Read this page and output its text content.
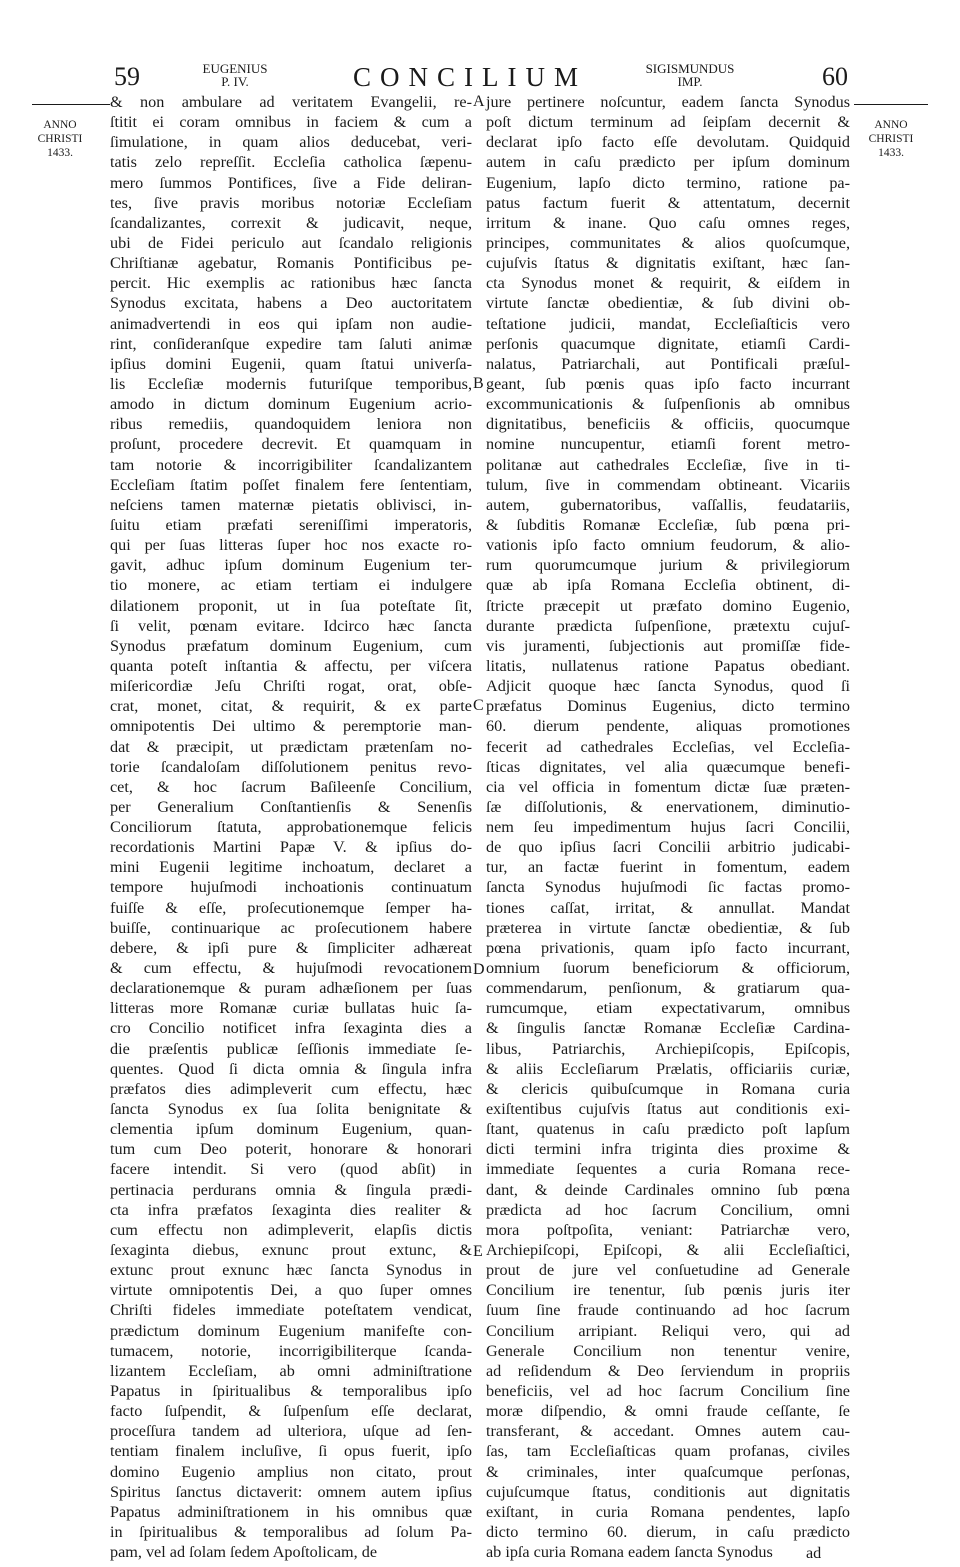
59	60
EUGENIUS
P. IV.	CONCILIUM	SIGISMUNDUS
IMP.
ANNO
CHRISTI
1433.
ANNO
CHRISTI
1433.
& non ambulare ad veritatem Evangelii, re-
ſtitit ei coram omnibus in faciem & cum a
ſimulatione, in quam alios deducebat, veri-
tatis zelo repreſſit. Eccleſia catholica ſæpenu-
mero ſummos Pontifices, ſive a Fide deliran-
tes, ſive pravis moribus notoriæ Eccleſiam
ſcandalizantes, correxit & judicavit, neque,
ubi de Fidei periculo aut ſcandalo religionis
Chriſtianæ agebatur, Romanis Pontificibus pe-
percit. Hic exemplis ac rationibus hæc ſancta
Synodus excitata, habens a Deo auctoritatem
animadvertendi in eos qui ipſam non audie-
rint, conſideranſque expedire tam ſaluti animæ
ipſius domini Eugenii, quam ſtatui univerſa-
lis Eccleſiæ modernis futuriſque temporibus,
amodo in dictum dominum Eugenium acrio-
ribus remediis, quandoquidem leniora non
proſunt, procedere decrevit. Et quamquam in
tam notorie & incorrigibiliter ſcandalizantem
Eccleſiam ſtatim poſſet finalem fere ſententiam,
neſciens tamen maternæ pietatis oblivisci, in-
ſuitu etiam præfati sereniſſimi imperatoris,
qui per ſuas litteras ſuper hoc nos exacte ro-
gavit, adhuc ipſum dominum Eugenium ter-
tio monere, ac etiam tertiam ei indulgere
dilationem proponit, ut in ſua poteſtate ſit,
ſi velit, pœnam evitare. Idcirco hæc ſancta
Synodus præfatum dominum Eugenium, cum
quanta poteſt inſtantia & affectu, per viſcera
miſericordiæ Jeſu Chriſti rogat, orat, obſe-
crat, monet, citat, & requirit, & ex parte
omnipotentis Dei ultimo & peremptorie man-
dat & præcipit, ut prædictam prætenſam no-
torie ſcandaloſam diſſolutionem penitus revo-
cet, & hoc ſacrum Baſileenſe Concilium,
per Generalium Conſtantienſis & Senenſis
Conciliorum ſtatuta, approbationemque felicis
recordationis Martini Papæ V. & ipſius do-
mini Eugenii legitime inchoatum, declaret a
tempore hujuſmodi inchoationis continuatum
fuiſſe & eſſe, proſecutionemque ſemper ha-
buiſſe, continuarique ac proſecutionem habere
debere, & ipſi pure & ſimpliciter adhæreat
& cum effectu, & hujuſmodi revocationem
declarationemque & puram adhæſionem per ſuas
litteras more Romanæ curiæ bullatas huic ſa-
cro Concilio notificet infra ſexaginta dies a
die præſentis publicæ ſeſſionis immediate ſe-
quentes. Quod ſi dicta omnia & ſingula infra
præfatos dies adimpleverit cum effectu, hæc
ſancta Synodus ex ſua ſolita benignitate &
clementia ipſum dominum Eugenium, quan-
tum cum Deo poterit, honorare & honorari
facere intendit. Si vero (quod abſit) in
pertinacia perdurans omnia & ſingula prædi-
cta infra præfatos ſexaginta dies realiter &
cum effectu non adimpleverit, elapſis dictis
ſexaginta diebus, exnunc prout extunc, &
extunc prout exnunc hæc ſancta Synodus in
virtute omnipotentis Dei, a quo ſuper omnes
Chriſti fideles immediate poteſtatem vendicat,
prædictum dominum Eugenium manifeſte con-
tumacem, notorie, incorrigibiliterque ſcanda-
lizantem Eccleſiam, ab omni adminiſtratione
Papatus in ſpiritualibus & temporalibus ipſo
facto ſuſpendit, & ſuſpenſum eſſe declarat,
proceſſura tandem ad ulteriora, uſque ad ſen-
tentiam finalem incluſive, ſi opus fuerit, ipſo
domino Eugenio amplius non citato, prout
Spiritus ſanctus dictaverit: omnem autem ipſius
Papatus adminiſtrationem in his omnibus quæ
in ſpiritualibus & temporalibus ad ſolum Pa-
pam, vel ad ſolam ſedem Apoſtolicam, de
jure pertinere noſcuntur, eadem ſancta Synodus
poſt dictum terminum ad ſeipſam decernit &
declarat ipſo facto eſſe devolutam. Quidquid
autem in caſu prædicto per ipſum dominum
Eugenium, lapſo dicto termino, ratione pa-
patus factum fuerit & attentatum, decernit
irritum & inane. Quo caſu omnes reges,
principes, communitates & alios quoſcumque,
cujuſvis ſtatus & dignitatis exiſtant, hæc ſan-
cta Synodus monet & requirit, & eiſdem in
virtute ſanctæ obedientiæ, & ſub divini ob-
teſtatione judicii, mandat, Eccleſiaſticis vero
perſonis quacumque dignitate, etiamſi Cardi-
nalatus, Patriarchali, aut Pontificali præſul-
geant, ſub pœnis quas ipſo facto incurrant
excommunicationis & ſuſpenſionis ab omnibus
dignitatibus, beneficiis & officiis, quocumque
nomine nuncupentur, etiamſi forent metro-
politanæ aut cathedrales Eccleſiæ, ſive in ti-
tulum, ſive in commendam obtineant. Vicariis
autem, gubernatoribus, vaſſallis, feudatariis,
& ſubditis Romanæ Eccleſiæ, ſub pœna pri-
vationis ipſo facto omnium feudorum, & alio-
rum quorumcumque jurium & privilegiorum
quæ ab ipſa Romana Eccleſia obtinent, di-
ſtricte præcepit ut præfato domino Eugenio,
durante prædicta ſuſpenſione, prætextu cujuſ-
vis juramenti, ſubjectionis aut promiſſæ fide-
litatis, nullatenus ratione Papatus obediant.
Adjicit quoque hæc ſancta Synodus, quod ſi
præfatus Dominus Eugenius, dicto termino
60. dierum pendente, aliquas promotiones
fecerit ad cathedrales Eccleſias, vel Eccleſia-
ſticas dignitates, vel alia quæcumque benefi-
cia vel officia in fomentum dictæ ſuæ præten-
ſæ diſſolutionis, & enervationem, diminutio-
nem ſeu impedimentum hujus ſacri Concilii,
de quo ipſius ſacri Concilii arbitrio judicabi-
tur, an factæ fuerint in fomentum, eadem
ſancta Synodus hujuſmodi ſic factas promo-
tiones caſſat, irritat, & annullat. Mandat
præterea in virtute ſanctæ obedientiæ, & ſub
pœna privationis, quam ipſo facto incurrant,
omnium ſuorum beneficiorum & officiorum,
commendarum, penſionum, & gratiarum qua-
rumcumque, etiam expectativarum, omnibus
& ſingulis ſanctæ Romanæ Eccleſiæ Cardina-
libus, Patriarchis, Archiepiſcopis, Epiſcopis,
& aliis Eccleſiarum Prælatis, officiariis curiæ,
& clericis quibuſcumque in Romana curia
exiſtentibus cujuſvis ſtatus aut conditionis exi-
ſtant, quatenus in caſu prædicto poſt lapſum
dicti termini infra triginta dies proxime &
immediate ſequentes a curia Romana rece-
dant, & deinde Cardinales omnino ſub pœna
prædicta ad hoc ſacrum Concilium, omni
mora poſtpoſita, veniant: Patriarchæ vero,
Archiepiſcopi, Epiſcopi, & alii Eccleſiaſtici,
prout de jure vel conſuetudine ad Generale
Concilium ire tenentur, ſub pœnis juris iter
ſuum ſine fraude continuando ad hoc ſacrum
Concilium arripiant. Reliqui vero, qui ad
Generale Concilium non tenentur venire,
ad reſidendum & Deo ſerviendum in propriis
beneficiis, vel ad hoc ſacrum Concilium ſine
moræ diſpendio, & omni fraude ceſſante, ſe
transferant, & accedant. Omnes autem cau-
ſas, tam Eccleſiaſticas quam profanas, civiles
& criminales, inter quaſcumque perſonas,
cujuſcumque ſtatus, conditionis aut dignitatis
exiſtant, in curia Romana pendentes, lapſo
dicto termino 60. dierum, in caſu prædicto
ab ipſa curia Romana eadem ſancta Synodus
A
B
C
D
E
ad
